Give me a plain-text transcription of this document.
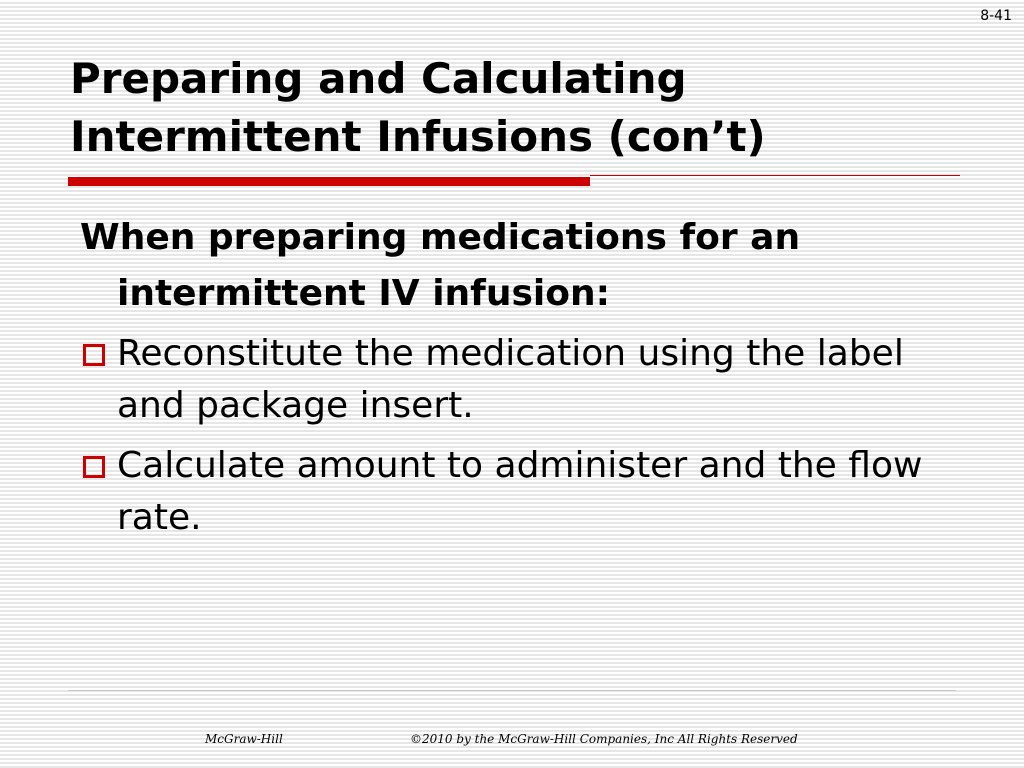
8-41
Preparing and Calculating
Intermittent Infusions (con’t)

When preparing medications for an intermittent IV infusion:

Reconstitute the medication using the label and package insert.
Calculate amount to administer and the flow rate.
McGraw-Hill	©2010 by the McGraw-Hill Companies, Inc All Rights Reserved
